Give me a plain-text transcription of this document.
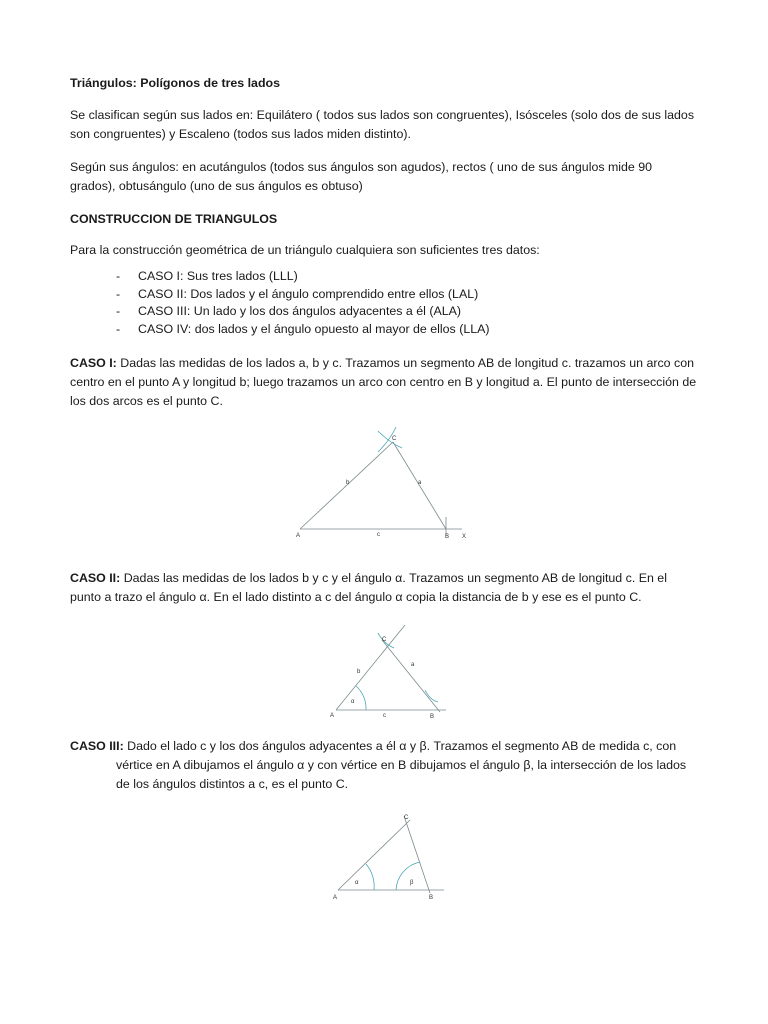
Triángulos: Polígonos de tres lados
Se clasifican según sus lados en: Equilátero ( todos sus lados son congruentes), Isósceles (solo dos de sus lados son congruentes) y Escaleno (todos sus lados miden distinto).
Según sus ángulos: en acutángulos (todos sus ángulos son agudos), rectos ( uno de sus ángulos mide 90 grados), obtusángulo (uno de sus ángulos es obtuso)
CONSTRUCCION DE TRIANGULOS
Para la construcción geométrica de un triángulo cualquiera son suficientes tres datos:
- CASO I: Sus tres lados (LLL)
- CASO II: Dos lados y el ángulo comprendido entre ellos (LAL)
- CASO III: Un lado y los dos ángulos adyacentes a él (ALA)
- CASO IV: dos lados y el ángulo opuesto al mayor de ellos (LLA)
CASO I: Dadas las medidas de los lados a, b y c. Trazamos un segmento AB de longitud c. trazamos un arco con centro en el punto A y longitud b; luego trazamos un arco con centro en B y longitud a. El punto de intersección de los dos arcos es el punto C.
CASO II: Dadas las medidas de los lados b y c y el ángulo α. Trazamos un segmento AB de longitud c. En el punto a trazo el ángulo α. En el lado distinto a c del ángulo α copia la distancia de b y ese es el punto C.
CASO III: Dado el lado c y los dos ángulos adyacentes a él α y β. Trazamos el segmento AB de medida c, con vértice en A dibujamos el ángulo α y con vértice en B dibujamos el ángulo β, la intersección de los lados de los ángulos distintos a c, es el punto C.
C
A	B X
b	a
c
C
A	B
b
a
c
α
C
A	B
α	β
